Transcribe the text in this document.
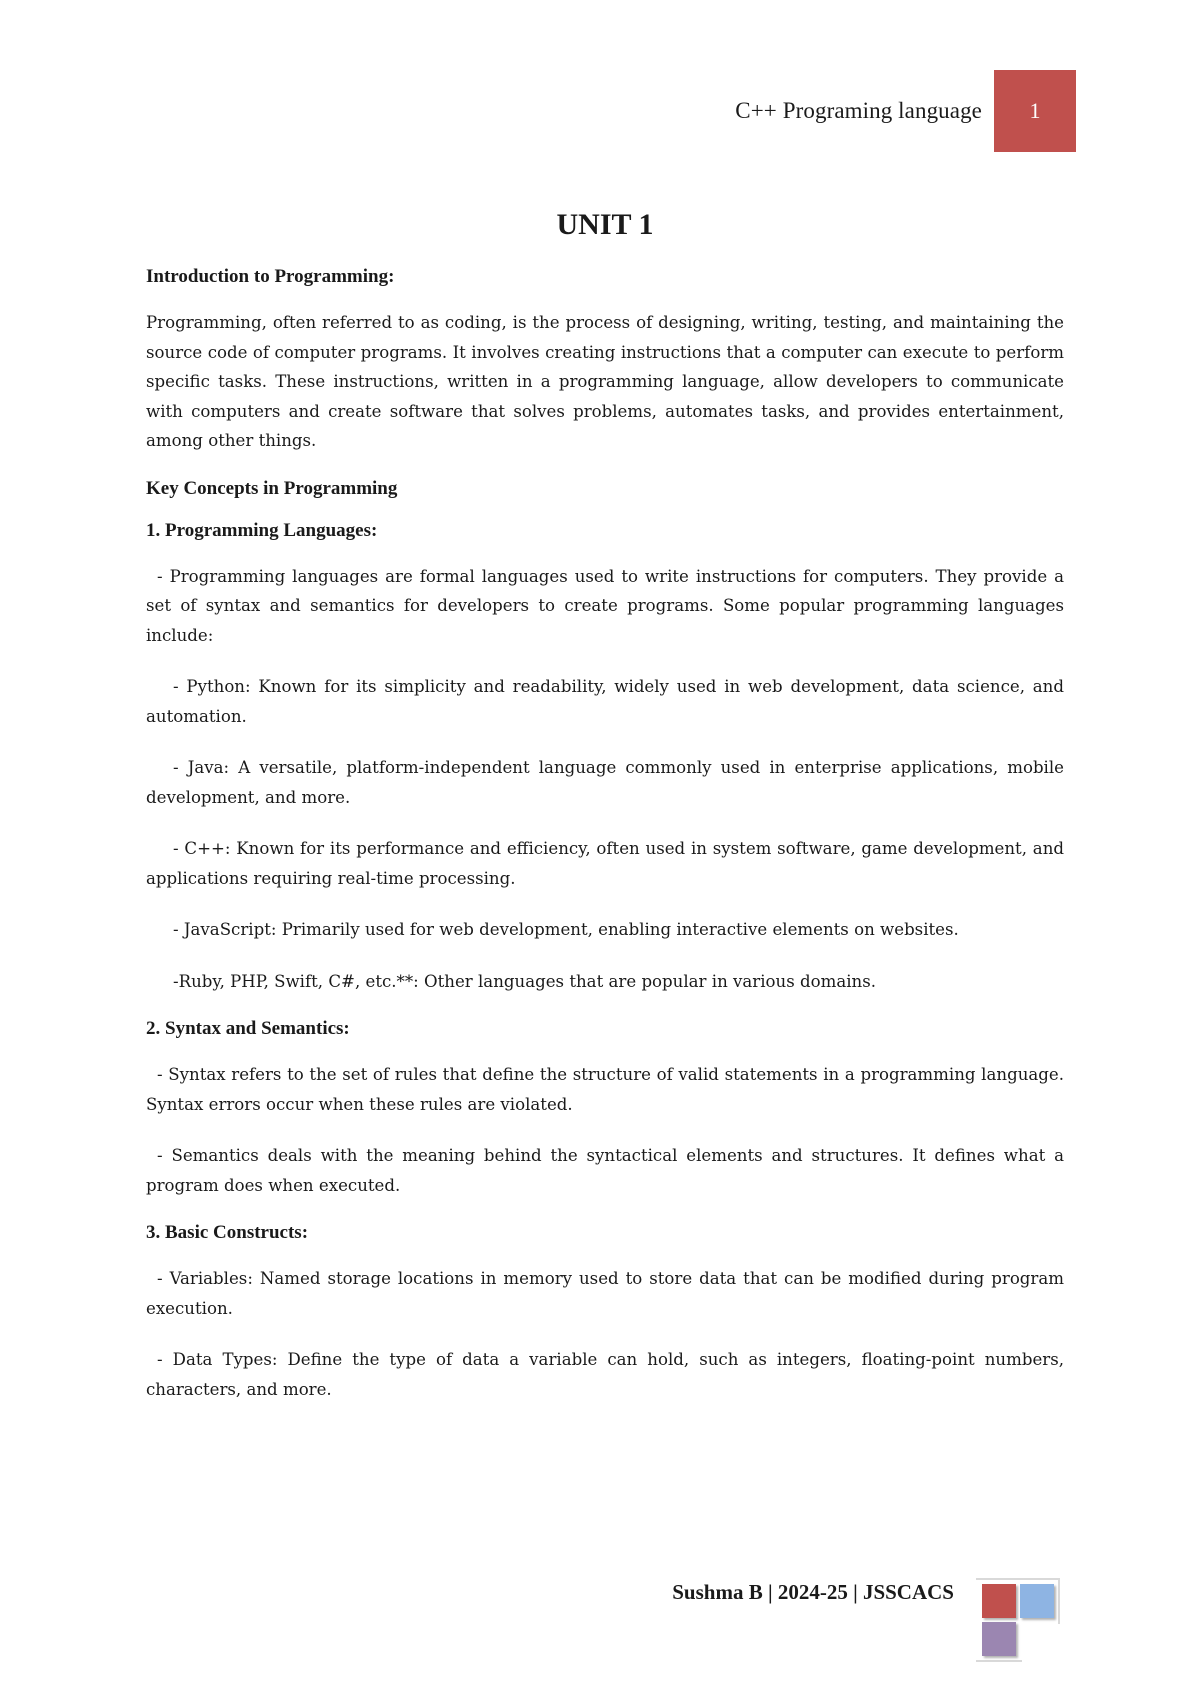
C++ Programing language	1
UNIT 1
Introduction to Programming:

Programming, often referred to as coding, is the process of designing, writing, testing, and maintaining the source code of computer programs. It involves creating instructions that a computer can execute to perform specific tasks. These instructions, written in a programming language, allow developers to communicate with computers and create software that solves problems, automates tasks, and provides entertainment, among other things.

Key Concepts in Programming
1. Programming Languages:

- Programming languages are formal languages used to write instructions for computers. They provide a set of syntax and semantics for developers to create programs. Some popular programming languages include:

- Python: Known for its simplicity and readability, widely used in web development, data science, and automation.

- Java: A versatile, platform-independent language commonly used in enterprise applications, mobile development, and more.

- C++: Known for its performance and efficiency, often used in system software, game development, and applications requiring real-time processing.

- JavaScript: Primarily used for web development, enabling interactive elements on websites.

-Ruby, PHP, Swift, C#, etc.**: Other languages that are popular in various domains.

2. Syntax and Semantics:

- Syntax refers to the set of rules that define the structure of valid statements in a programming language. Syntax errors occur when these rules are violated.

- Semantics deals with the meaning behind the syntactical elements and structures. It defines what a program does when executed.

3. Basic Constructs:

- Variables: Named storage locations in memory used to store data that can be modified during program execution.

- Data Types: Define the type of data a variable can hold, such as integers, floating-point numbers, characters, and more.

Sushma B | 2024-25 | JSSCACS
